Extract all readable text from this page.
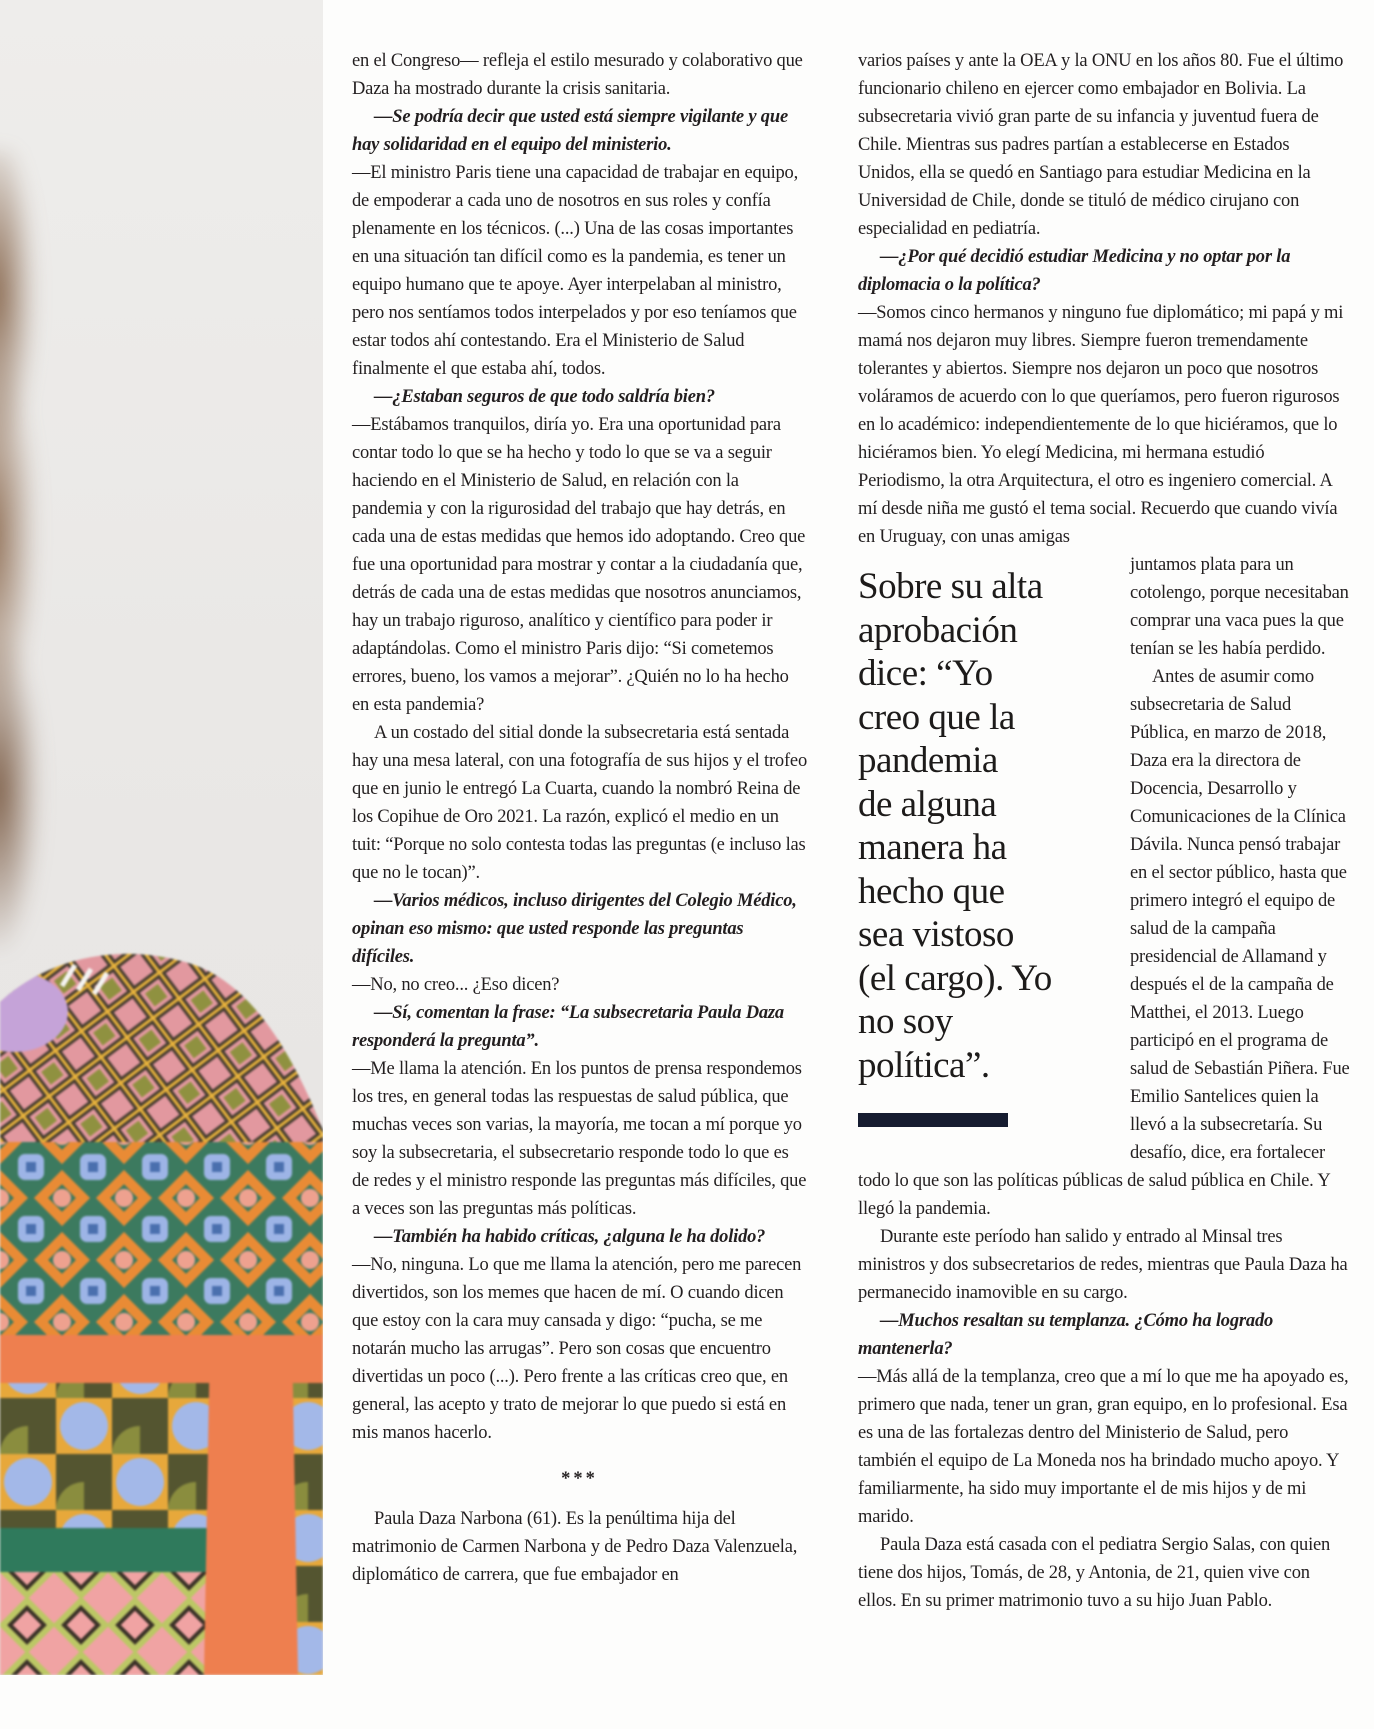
en el Congreso— refleja el estilo mesurado y colaborativo que Daza ha mostrado durante la crisis sanitaria.

—Se podría decir que usted está siempre vigilante y que hay solidaridad en el equipo del ministerio.

—El ministro Paris tiene una capacidad de trabajar en equipo, de empoderar a cada uno de nosotros en sus roles y confía plenamente en los técnicos. (...) Una de las cosas importantes en una situación tan difícil como es la pandemia, es tener un equipo humano que te apoye. Ayer interpelaban al ministro, pero nos sentíamos todos interpelados y por eso teníamos que estar todos ahí contestando. Era el Ministerio de Salud finalmente el que estaba ahí, todos.

—¿Estaban seguros de que todo saldría bien?

—Estábamos tranquilos, diría yo. Era una oportunidad para contar todo lo que se ha hecho y todo lo que se va a seguir haciendo en el Ministerio de Salud, en relación con la pandemia y con la rigurosidad del trabajo que hay detrás, en cada una de estas medidas que hemos ido adoptando. Creo que fue una oportunidad para mostrar y contar a la ciudadanía que, detrás de cada una de estas medidas que nosotros anunciamos, hay un trabajo riguroso, analítico y científico para poder ir adaptándolas. Como el ministro Paris dijo: “Si cometemos errores, bueno, los vamos a mejorar”. ¿Quién no lo ha hecho en esta pandemia?

A un costado del sitial donde la subsecretaria está sentada hay una mesa lateral, con una fotografía de sus hijos y el trofeo que en junio le entregó La Cuarta, cuando la nombró Reina de los Copihue de Oro 2021. La razón, explicó el medio en un tuit: “Porque no solo contesta todas las preguntas (e incluso las que no le tocan)”.

—Varios médicos, incluso dirigentes del Colegio Médico, opinan eso mismo: que usted responde las preguntas difíciles.

—No, no creo... ¿Eso dicen?

—Sí, comentan la frase: “La subsecretaria Paula Daza responderá la pregunta”.

—Me llama la atención. En los puntos de prensa respondemos los tres, en general todas las respuestas de salud pública, que muchas veces son varias, la mayoría, me tocan a mí porque yo soy la subsecretaria, el subsecretario responde todo lo que es de redes y el ministro responde las preguntas más difíciles, que a veces son las preguntas más políticas.

—También ha habido críticas, ¿alguna le ha dolido?

—No, ninguna. Lo que me llama la atención, pero me parecen divertidos, son los memes que hacen de mí. O cuando dicen que estoy con la cara muy cansada y digo: “pucha, se me notarán mucho las arrugas”. Pero son cosas que encuentro divertidas un poco (...). Pero frente a las críticas creo que, en general, las acepto y trato de mejorar lo que puedo si está en mis manos hacerlo.

***

Paula Daza Narbona (61). Es la penúltima hija del matrimonio de Carmen Narbona y de Pedro Daza Valenzuela, diplomático de carrera, que fue embajador en

varios países y ante la OEA y la ONU en los años 80. Fue el último funcionario chileno en ejercer como embajador en Bolivia. La subsecretaria vivió gran parte de su infancia y juventud fuera de Chile. Mientras sus padres partían a establecerse en Estados Unidos, ella se quedó en Santiago para estudiar Medicina en la Universidad de Chile, donde se tituló de médico cirujano con especialidad en pediatría.

—¿Por qué decidió estudiar Medicina y no optar por la diplomacia o la política?

—Somos cinco hermanos y ninguno fue diplomático; mi papá y mi mamá nos dejaron muy libres. Siempre fueron tremendamente tolerantes y abiertos. Siempre nos dejaron un poco que nosotros voláramos de acuerdo con lo que queríamos, pero fueron rigurosos en lo académico: independientemente de lo que hiciéramos, que lo hiciéramos bien. Yo elegí Medicina, mi hermana estudió Periodismo, la otra Arquitectura, el otro es ingeniero comercial. A mí desde niña me gustó el tema social. Recuerdo que cuando vivía en Uruguay, con unas amigas

Sobre su alta
aprobación
dice: “Yo
creo que la
pandemia
de alguna
manera ha
hecho que
sea vistoso
(el cargo). Yo
no soy
política”.

juntamos plata para un cotolengo, porque necesitaban comprar una vaca pues la que tenían se les había perdido.

Antes de asumir como subsecretaria de Salud Pública, en marzo de 2018, Daza era la directora de Docencia, Desarrollo y Comunicaciones de la Clínica Dávila. Nunca pensó trabajar en el sector público, hasta que primero integró el equipo de salud de la campaña presidencial de Allamand y después el de la campaña de Matthei, el 2013. Luego participó en el programa de salud de Sebastián Piñera. Fue Emilio Santelices quien la llevó a la subsecretaría. Su desafío, dice, era fortalecer todo lo que son las políticas públicas de salud pública en Chile. Y llegó la pandemia.

Durante este período han salido y entrado al Minsal tres ministros y dos subsecretarios de redes, mientras que Paula Daza ha permanecido inamovible en su cargo.

—Muchos resaltan su templanza. ¿Cómo ha logrado mantenerla?

—Más allá de la templanza, creo que a mí lo que me ha apoyado es, primero que nada, tener un gran, gran equipo, en lo profesional. Esa es una de las fortalezas dentro del Ministerio de Salud, pero también el equipo de La Moneda nos ha brindado mucho apoyo. Y familiarmente, ha sido muy importante el de mis hijos y de mi marido.

Paula Daza está casada con el pediatra Sergio Salas, con quien tiene dos hijos, Tomás, de 28, y Antonia, de 21, quien vive con ellos. En su primer matrimonio tuvo a su hijo Juan Pablo.
